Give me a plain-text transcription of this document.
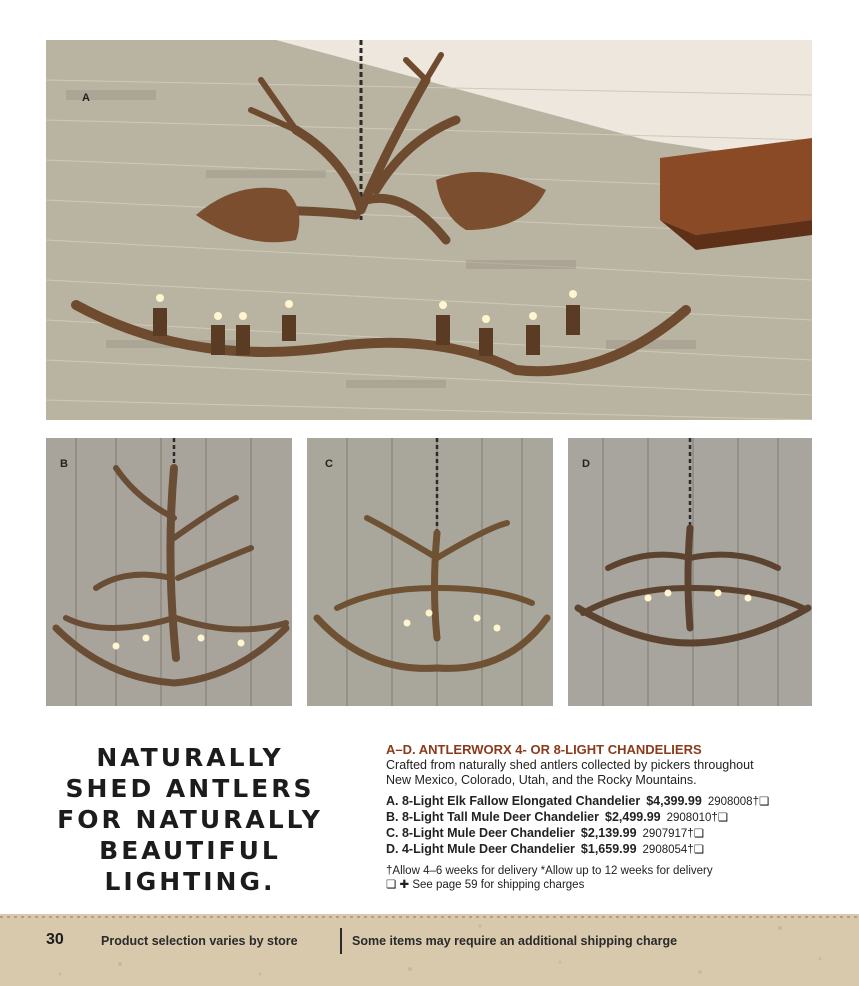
A
B	C	D
NATURALLY
SHED ANTLERS
FOR NATURALLY
BEAUTIFUL
LIGHTING.
A–D. ANTLERWORX 4- OR 8-LIGHT CHANDELIERS
Crafted from naturally shed antlers collected by pickers throughout
New Mexico, Colorado, Utah, and the Rocky Mountains.
A. 8-Light Elk Fallow Elongated Chandelier $4,399.99 2908008†❏
B. 8-Light Tall Mule Deer Chandelier $2,499.99 2908010†❏
C. 8-Light Mule Deer Chandelier $2,139.99 2907917†❏
D. 4-Light Mule Deer Chandelier $1,659.99 2908054†❏
†Allow 4–6 weeks for delivery *Allow up to 12 weeks for delivery
❏ ✚ See page 59 for shipping charges
30	Product selection varies by store	Some items may require an additional shipping charge
